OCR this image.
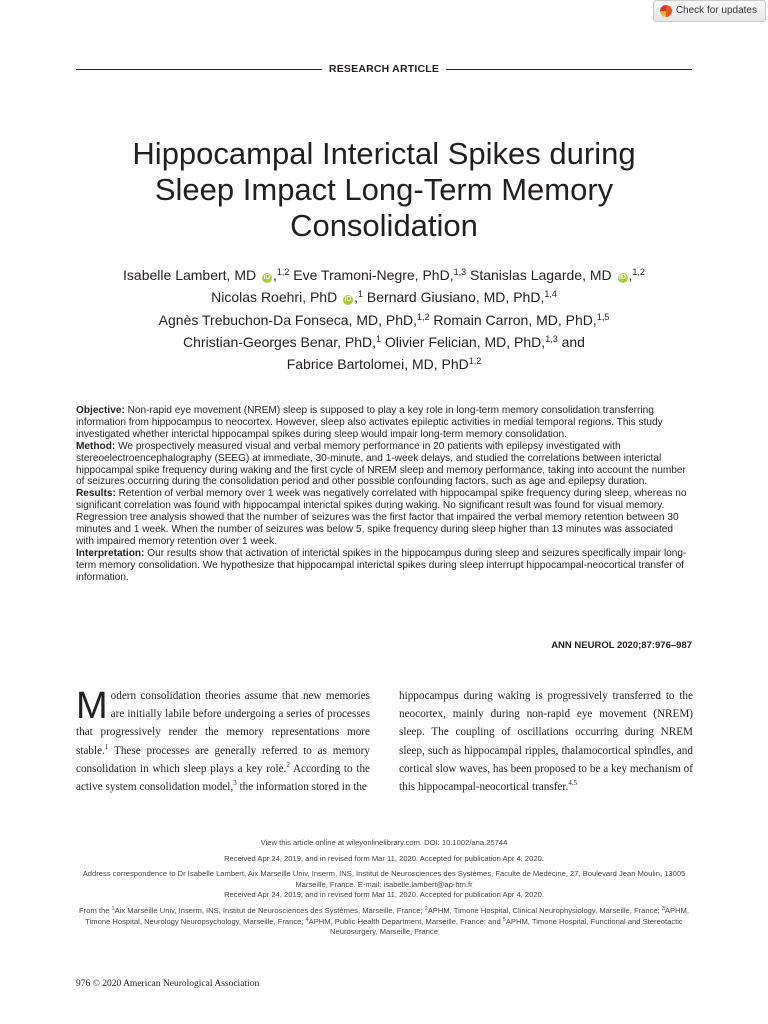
Check for updates
RESEARCH ARTICLE
Hippocampal Interictal Spikes during
Sleep Impact Long-Term Memory
Consolidation
Isabelle Lambert, MD iD ,$^{1,2}$ Eve Tramoni-Negre, PhD,$^{1,3}$ Stanislas Lagarde, MD iD ,$^{1,2}$
Nicolas Roehri, PhD iD ,$^1$ Bernard Giusiano, MD, PhD,$^{1,4}$
Agnès Trebuchon-Da Fonseca, MD, PhD,$^{1,2}$ Romain Carron, MD, PhD,$^{1,5}$
Christian-Georges Benar, PhD,$^1$ Olivier Felician, MD, PhD,$^{1,3}$ and
Fabrice Bartolomei, MD, PhD$^{1,2}$

Objective: Non-rapid eye movement (NREM) sleep is supposed to play a key role in long-term memory consolidation transferring information from hippocampus to neocortex. However, sleep also activates epileptic activities in medial temporal regions. This study investigated whether interictal hippocampal spikes during sleep would impair long-term memory consolidation.

Method: We prospectively measured visual and verbal memory performance in 20 patients with epilepsy investigated with stereoelectroencephalography (SEEG) at immediate, 30-minute, and 1-week delays, and studied the correlations between interictal hippocampal spike frequency during waking and the first cycle of NREM sleep and memory performance, taking into account the number of seizures occurring during the consolidation period and other possible confounding factors, such as age and epilepsy duration.

Results: Retention of verbal memory over 1 week was negatively correlated with hippocampal spike frequency during sleep, whereas no significant correlation was found with hippocampal interictal spikes during waking. No significant result was found for visual memory. Regression tree analysis showed that the number of seizures was the first factor that impaired the verbal memory retention between 30 minutes and 1 week. When the number of seizures was below 5, spike frequency during sleep higher than 13 minutes was associated with impaired memory retention over 1 week.

Interpretation: Our results show that activation of interictal spikes in the hippocampus during sleep and seizures specifically impair long-term memory consolidation. We hypothesize that hippocampal interictal spikes during sleep interrupt hippocampal-neocortical transfer of information.

ANN NEUROL 2020;87:976–987
Modern consolidation theories assume that new memories are initially labile before undergoing a series of processes that progressively render the memory representations more stable.$^1$ These processes are generally referred to as memory consolidation in which sleep plays a key role.$^2$ According to the active system consolidation model,$^3$ the information stored in the
hippocampus during waking is progressively transferred to the neocortex, mainly during non-rapid eye movement (NREM) sleep. The coupling of oscillations occurring during NREM sleep, such as hippocampal ripples, thalamocortical spindles, and cortical slow waves, has been proposed to be a key mechanism of this hippocampal-neocortical transfer.$^{4,5}$

View this article online at wileyonlinelibrary.com. DOI: 10.1002/ana.25744

Received Apr 24, 2019, and in revised form Mar 11, 2020. Accepted for publication Apr 4, 2020.

Address correspondence to Dr Isabelle Lambert, Aix Marseille Univ, Inserm, INS, Institut de Neurosciences des Systèmes, Faculte de Medecine, 27, Boulevard Jean Moulin, 13005 Marseille, France. E-mail: isabelle.lambert@ap-hm.fr

Received Apr 24, 2019, and in revised form Mar 11, 2020. Accepted for publication Apr 4, 2020.

From the $^1$Aix Marseille Univ, Inserm, INS, Institut de Neurosciences des Systèmes, Marseille, France; $^2$APHM, Timone Hospital, Clinical Neurophysiology, Marseille, France; $^3$APHM, Timone Hospital, Neurology Neuropsychology, Marseille, France; $^4$APHM, Public Health Department, Marseille, France; and $^5$APHM, Timone Hospital, Functional and Stereotactic Neurosurgery, Marseille, France

976 © 2020 American Neurological Association
